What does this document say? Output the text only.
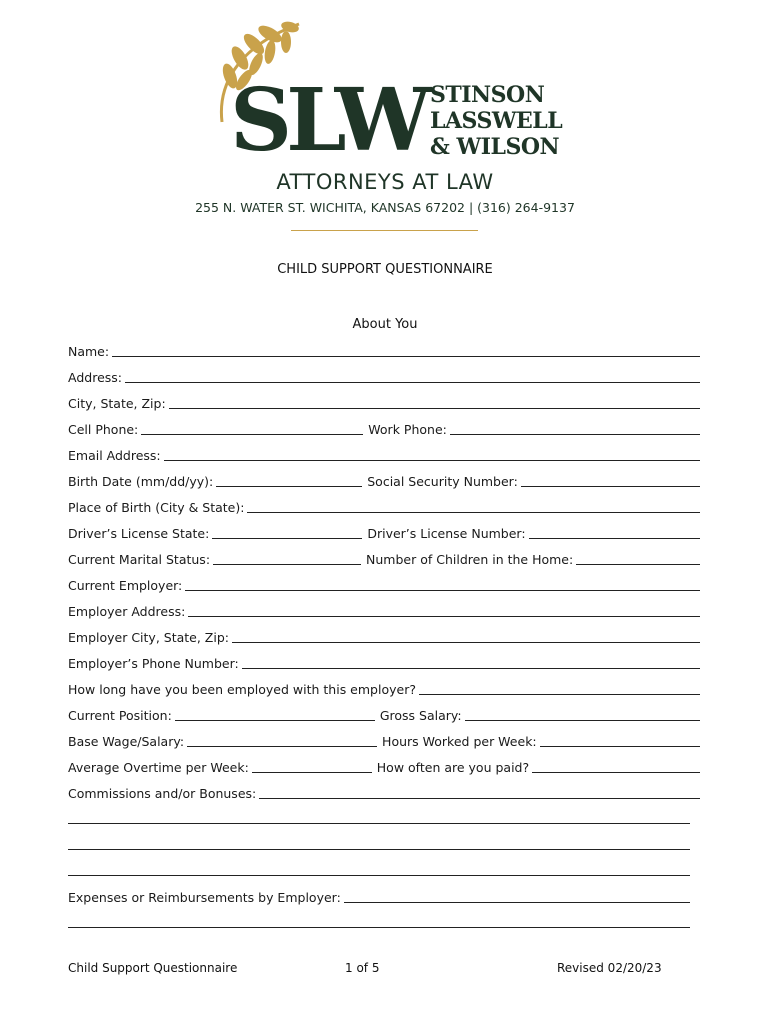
SLW STINSON
LASSWELL
& WILSON
ATTORNEYS AT LAW
255 N. WATER ST. WICHITA, KANSAS 67202 | (316) 264-9137
CHILD SUPPORT QUESTIONNAIRE
About You
Name:
Address:
City, State, Zip:
Cell Phone:	Work Phone:
Email Address:
Birth Date (mm/dd/yy):	Social Security Number:
Place of Birth (City & State):
Driver’s License State:	Driver’s License Number:
Current Marital Status:	Number of Children in the Home:
Current Employer:
Employer Address:
Employer City, State, Zip:
Employer’s Phone Number:
How long have you been employed with this employer?
Current Position:	Gross Salary:
Base Wage/Salary:	Hours Worked per Week:
Average Overtime per Week:	How often are you paid?
Commissions and/or Bonuses:
Expenses or Reimbursements by Employer:
Child Support Questionnaire	1 of 5	Revised 02/20/23
